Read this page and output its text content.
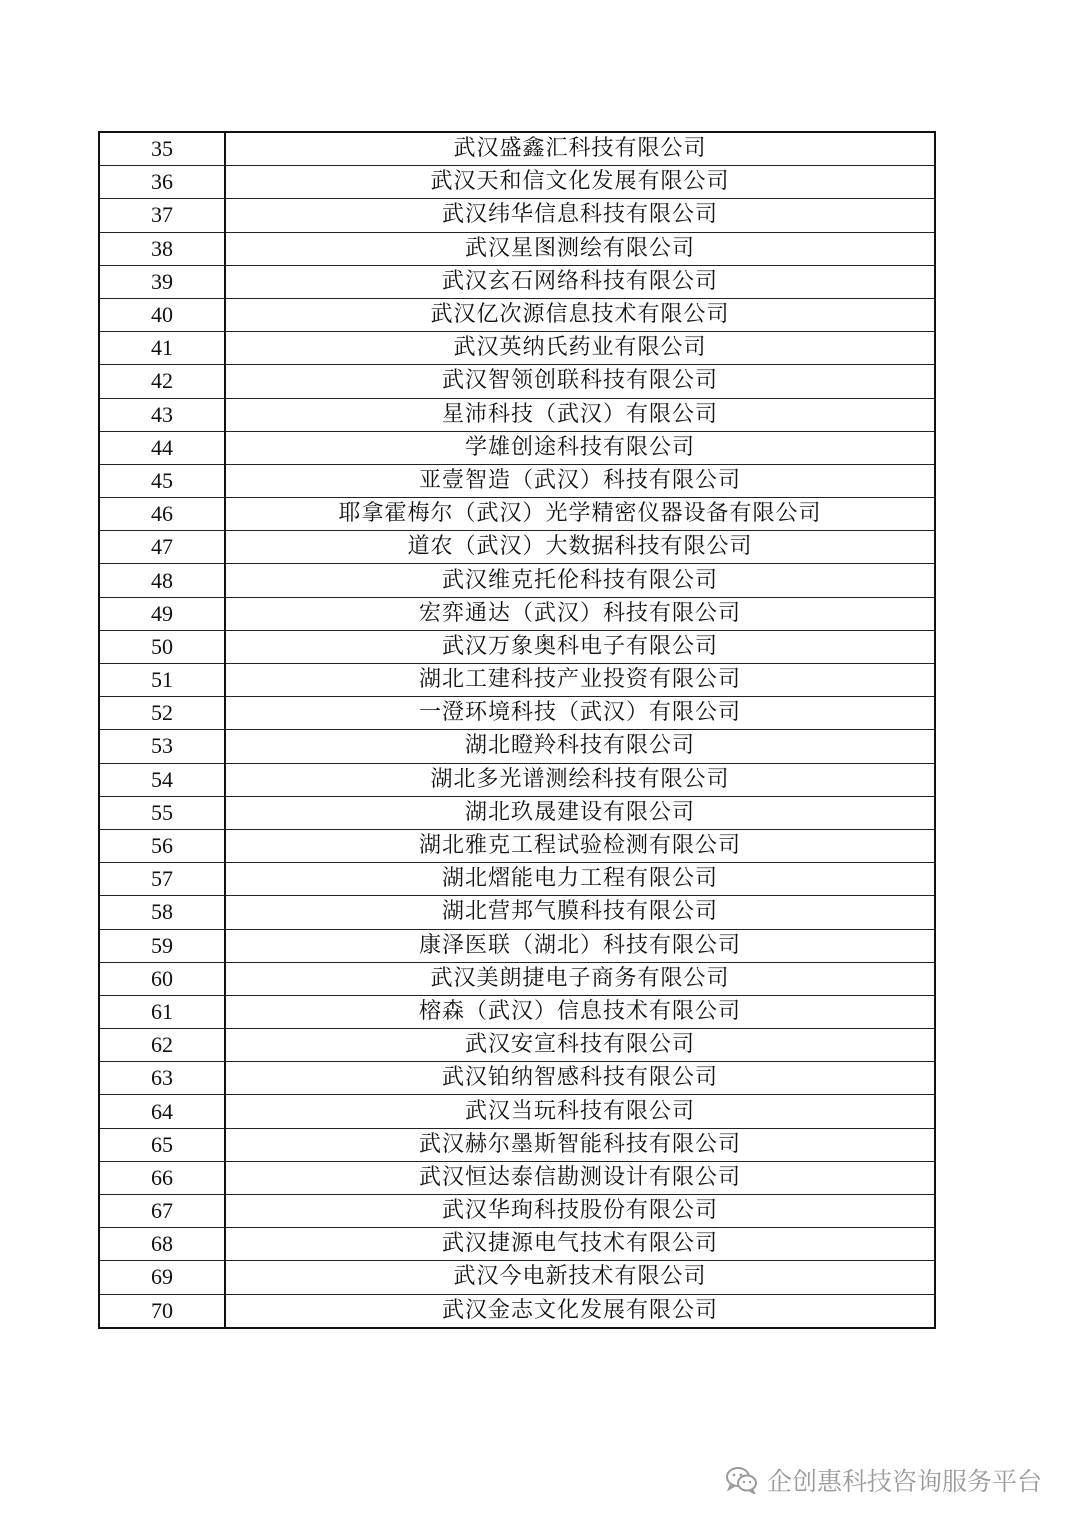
35	武汉盛鑫汇科技有限公司
36	武汉天和信文化发展有限公司
37	武汉纬华信息科技有限公司
38	武汉星图测绘有限公司
39	武汉玄石网络科技有限公司
40	武汉亿次源信息技术有限公司
41	武汉英纳氏药业有限公司
42	武汉智领创联科技有限公司
43	星沛科技（武汉）有限公司
44	学雄创途科技有限公司
45	亚壹智造（武汉）科技有限公司
46	耶拿霍梅尔（武汉）光学精密仪器设备有限公司
47	道农（武汉）大数据科技有限公司
48	武汉维克托伦科技有限公司
49	宏弈通达（武汉）科技有限公司
50	武汉万象奥科电子有限公司
51	湖北工建科技产业投资有限公司
52	一澄环境科技（武汉）有限公司
53	湖北瞪羚科技有限公司
54	湖北多光谱测绘科技有限公司
55	湖北玖晟建设有限公司
56	湖北雅克工程试验检测有限公司
57	湖北熠能电力工程有限公司
58	湖北营邦气膜科技有限公司
59	康泽医联（湖北）科技有限公司
60	武汉美朗捷电子商务有限公司
61	榕森（武汉）信息技术有限公司
62	武汉安宣科技有限公司
63	武汉铂纳智感科技有限公司
64	武汉当玩科技有限公司
65	武汉赫尔墨斯智能科技有限公司
66	武汉恒达泰信勘测设计有限公司
67	武汉华珣科技股份有限公司
68	武汉捷源电气技术有限公司
69	武汉今电新技术有限公司
70	武汉金志文化发展有限公司
企创惠科技咨询服务平台
